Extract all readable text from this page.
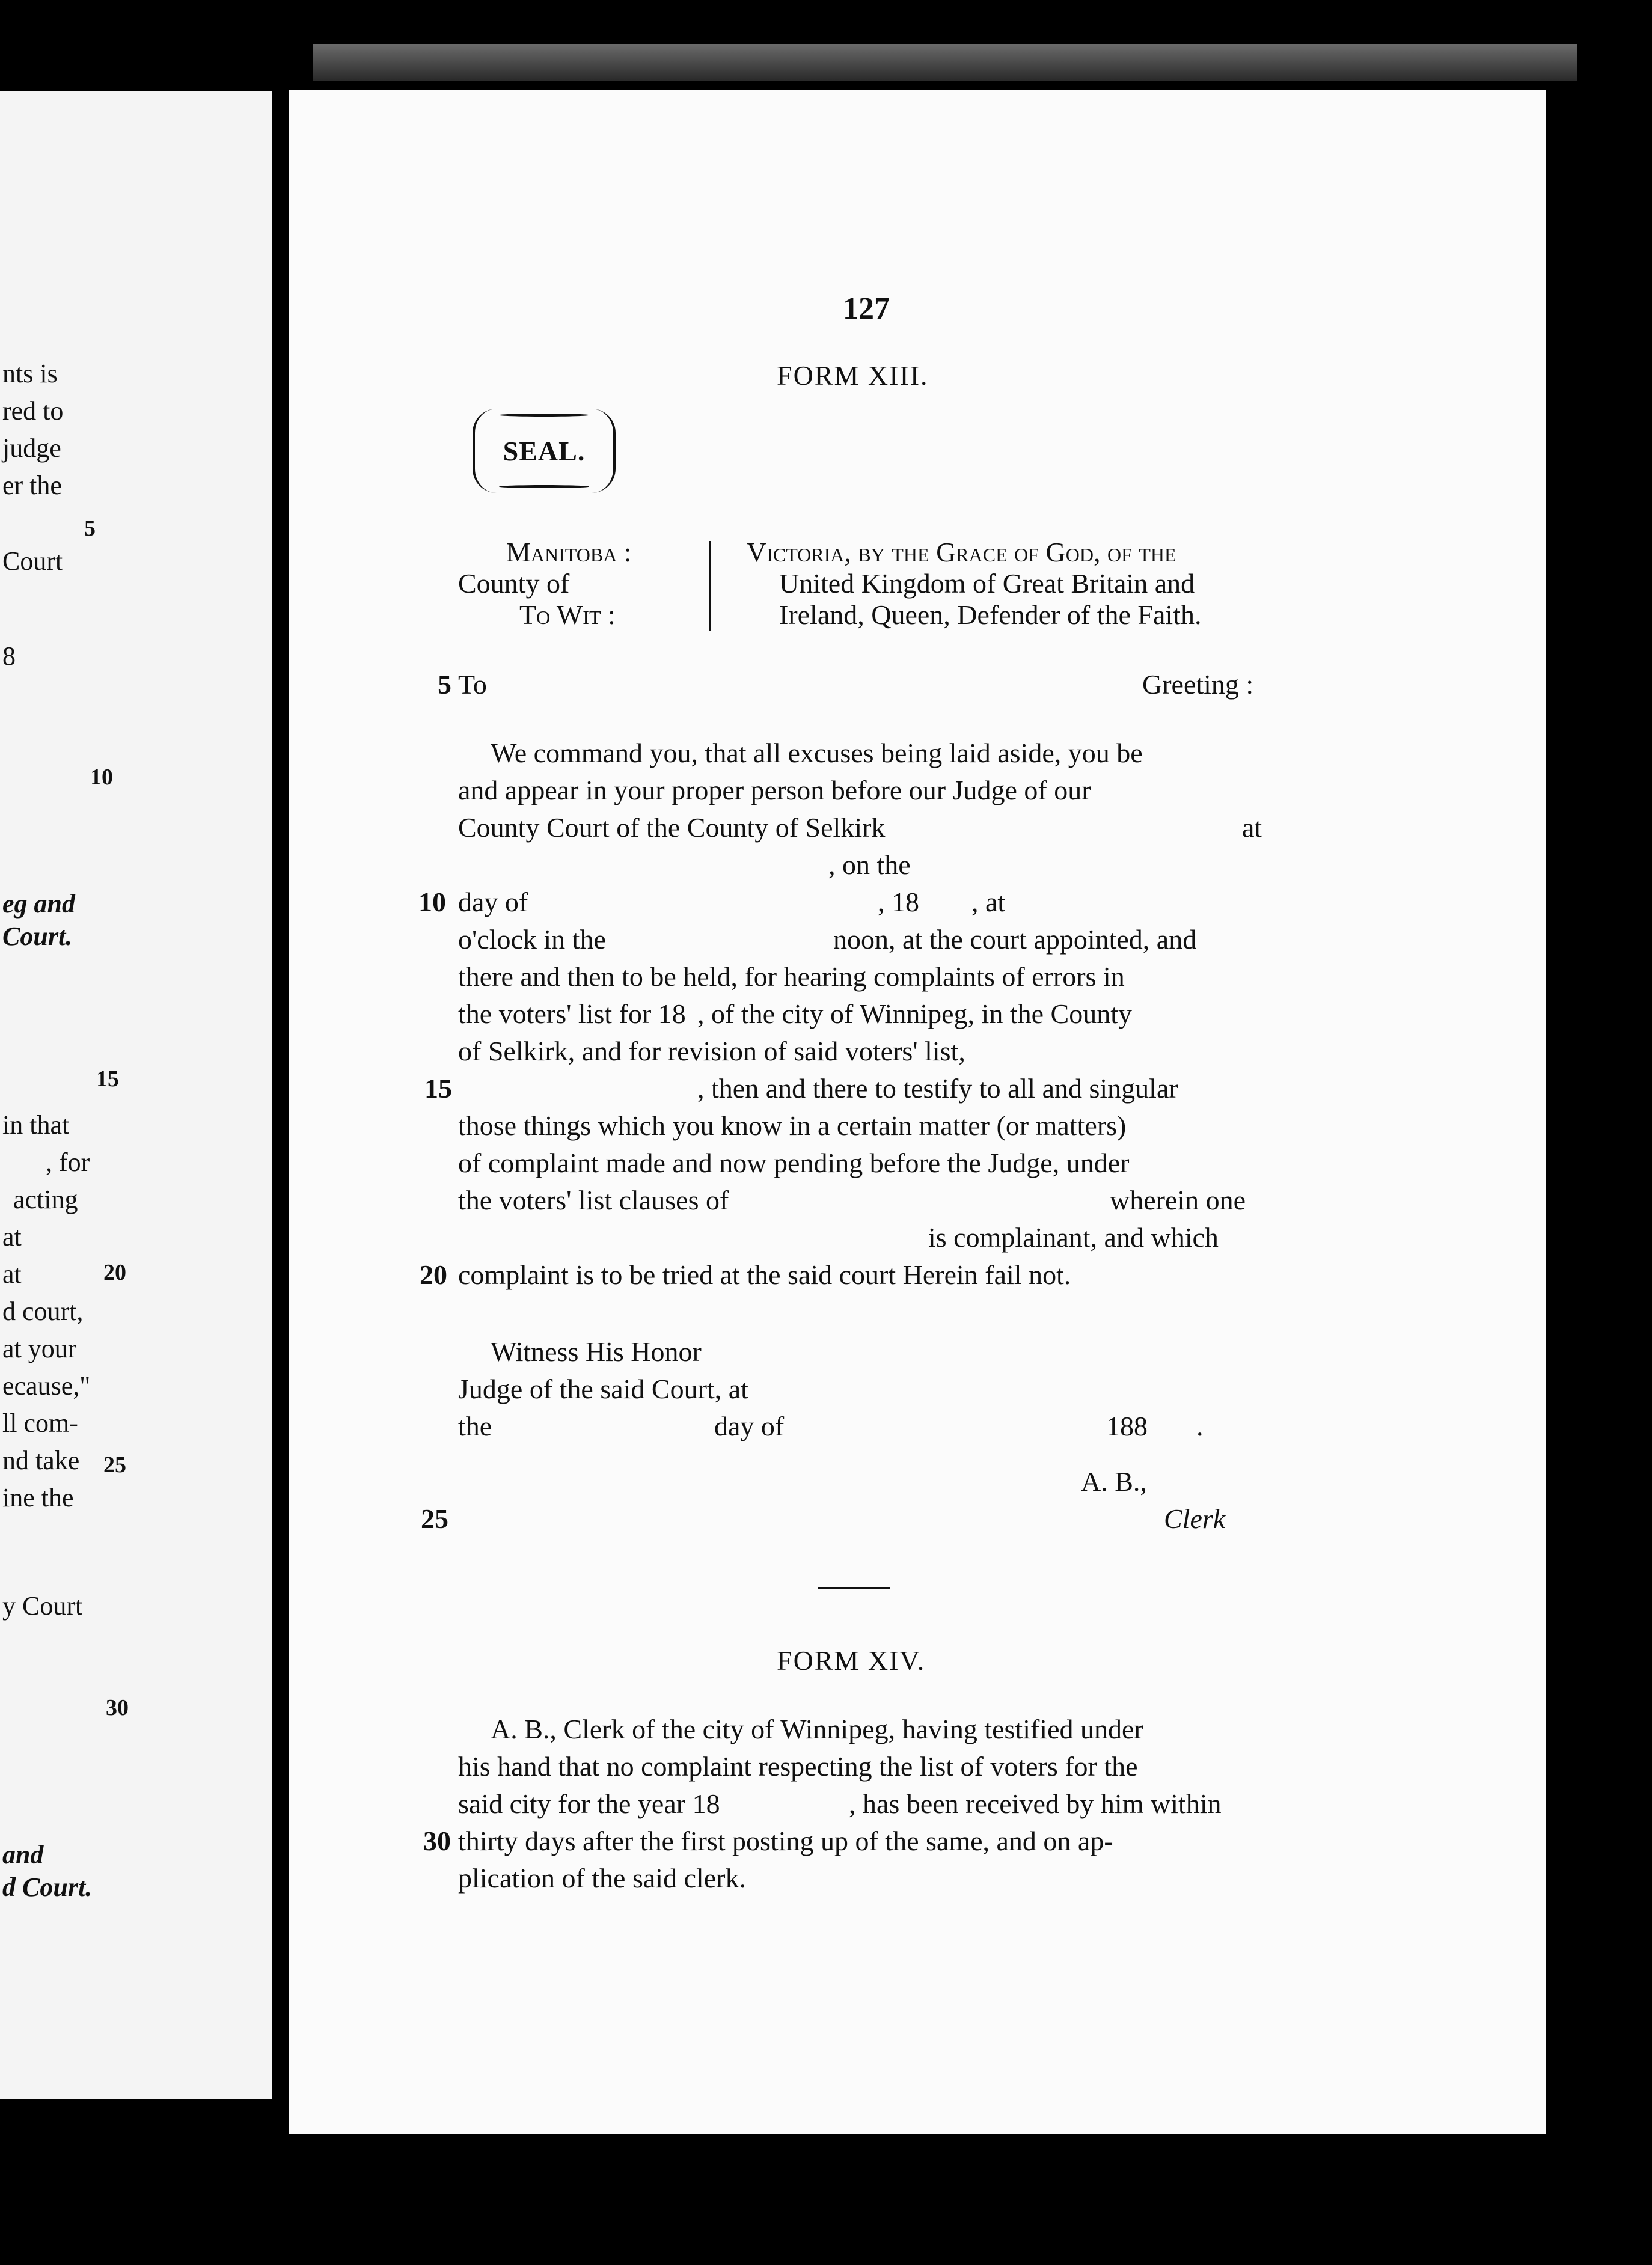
nts is
red to
judge
er the
5
Court
8
10
eg and
Court.
15
in that
, for
acting
at
at	20
d court,
at your
ecause,"
ll com-
nd take 25
ine the
y Court
30
and
d Court.
127
FORM XIII.
SEAL.
Manitoba :
County of
To Wit :
Victoria, by the Grace of God, of the
United Kingdom of Great Britain and
Ireland, Queen, Defender of the Faith.
5 To	Greeting :
We command you, that all excuses being laid aside, you be
and appear in your proper person before our Judge of our
County Court of the County of Selkirk	at
, on the
10 day of	, 18 , at
o'clock in the	noon, at the court appointed, and
there and then to be held, for hearing complaints of errors in
the voters' list for 18 , of the city of Winnipeg, in the County
of Selkirk, and for revision of said voters' list,
15	, then and there to testify to all and singular
those things which you know in a certain matter (or matters)
of complaint made and now pending before the Judge, under
the voters' list clauses of	wherein one
is complainant, and which
20 complaint is to be tried at the said court Herein fail not.
Witness His Honor
Judge of the said Court, at
the	day of	188 .
A. B.,
25	Clerk
FORM XIV.
A. B., Clerk of the city of Winnipeg, having testified under
his hand that no complaint respecting the list of voters for the
said city for the year 18	, has been received by him within
30 thirty days after the first posting up of the same, and on ap-
plication of the said clerk.
